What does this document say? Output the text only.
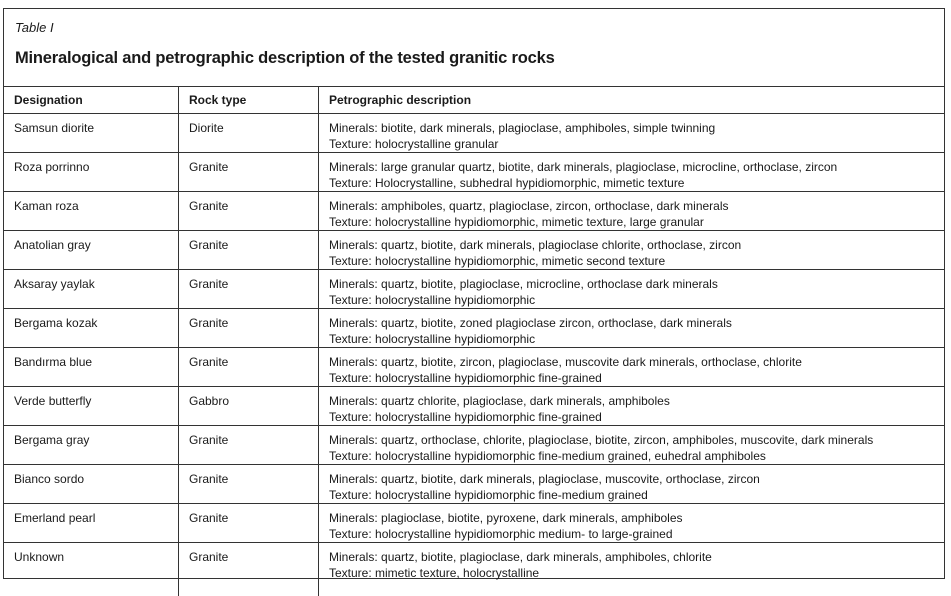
Table I
Mineralogical and petrographic description of the tested granitic rocks
Designation	Rock type	Petrographic description
Samsun diorite	Diorite	Minerals: biotite, dark minerals, plagioclase, amphiboles, simple twinning
Texture: holocrystalline granular

Roza porrinno	Granite	Minerals: large granular quartz, biotite, dark minerals, plagioclase, microcline, orthoclase, zircon
Texture: Holocrystalline, subhedral hypidiomorphic, mimetic texture

Kaman roza	Granite	Minerals: amphiboles, quartz, plagioclase, zircon, orthoclase, dark minerals
Texture: holocrystalline hypidiomorphic, mimetic texture, large granular

Anatolian gray	Granite	Minerals: quartz, biotite, dark minerals, plagioclase chlorite, orthoclase, zircon
Texture: holocrystalline hypidiomorphic, mimetic second texture

Aksaray yaylak	Granite	Minerals: quartz, biotite, plagioclase, microcline, orthoclase dark minerals
Texture: holocrystalline hypidiomorphic

Bergama kozak	Granite	Minerals: quartz, biotite, zoned plagioclase zircon, orthoclase, dark minerals
Texture: holocrystalline hypidiomorphic

Bandırma blue	Granite	Minerals: quartz, biotite, zircon, plagioclase, muscovite dark minerals, orthoclase, chlorite
Texture: holocrystalline hypidiomorphic fine-grained

Verde butterfly	Gabbro	Minerals: quartz chlorite, plagioclase, dark minerals, amphiboles
Texture: holocrystalline hypidiomorphic fine-grained

Bergama gray	Granite	Minerals: quartz, orthoclase, chlorite, plagioclase, biotite, zircon, amphiboles, muscovite, dark minerals
Texture: holocrystalline hypidiomorphic fine-medium grained, euhedral amphiboles

Bianco sordo	Granite	Minerals: quartz, biotite, dark minerals, plagioclase, muscovite, orthoclase, zircon
Texture: holocrystalline hypidiomorphic fine-medium grained

Emerland pearl	Granite	Minerals: plagioclase, biotite, pyroxene, dark minerals, amphiboles
Texture: holocrystalline hypidiomorphic medium- to large-grained

Unknown	Granite	Minerals: quartz, biotite, plagioclase, dark minerals, amphiboles, chlorite
Texture: mimetic texture, holocrystalline
